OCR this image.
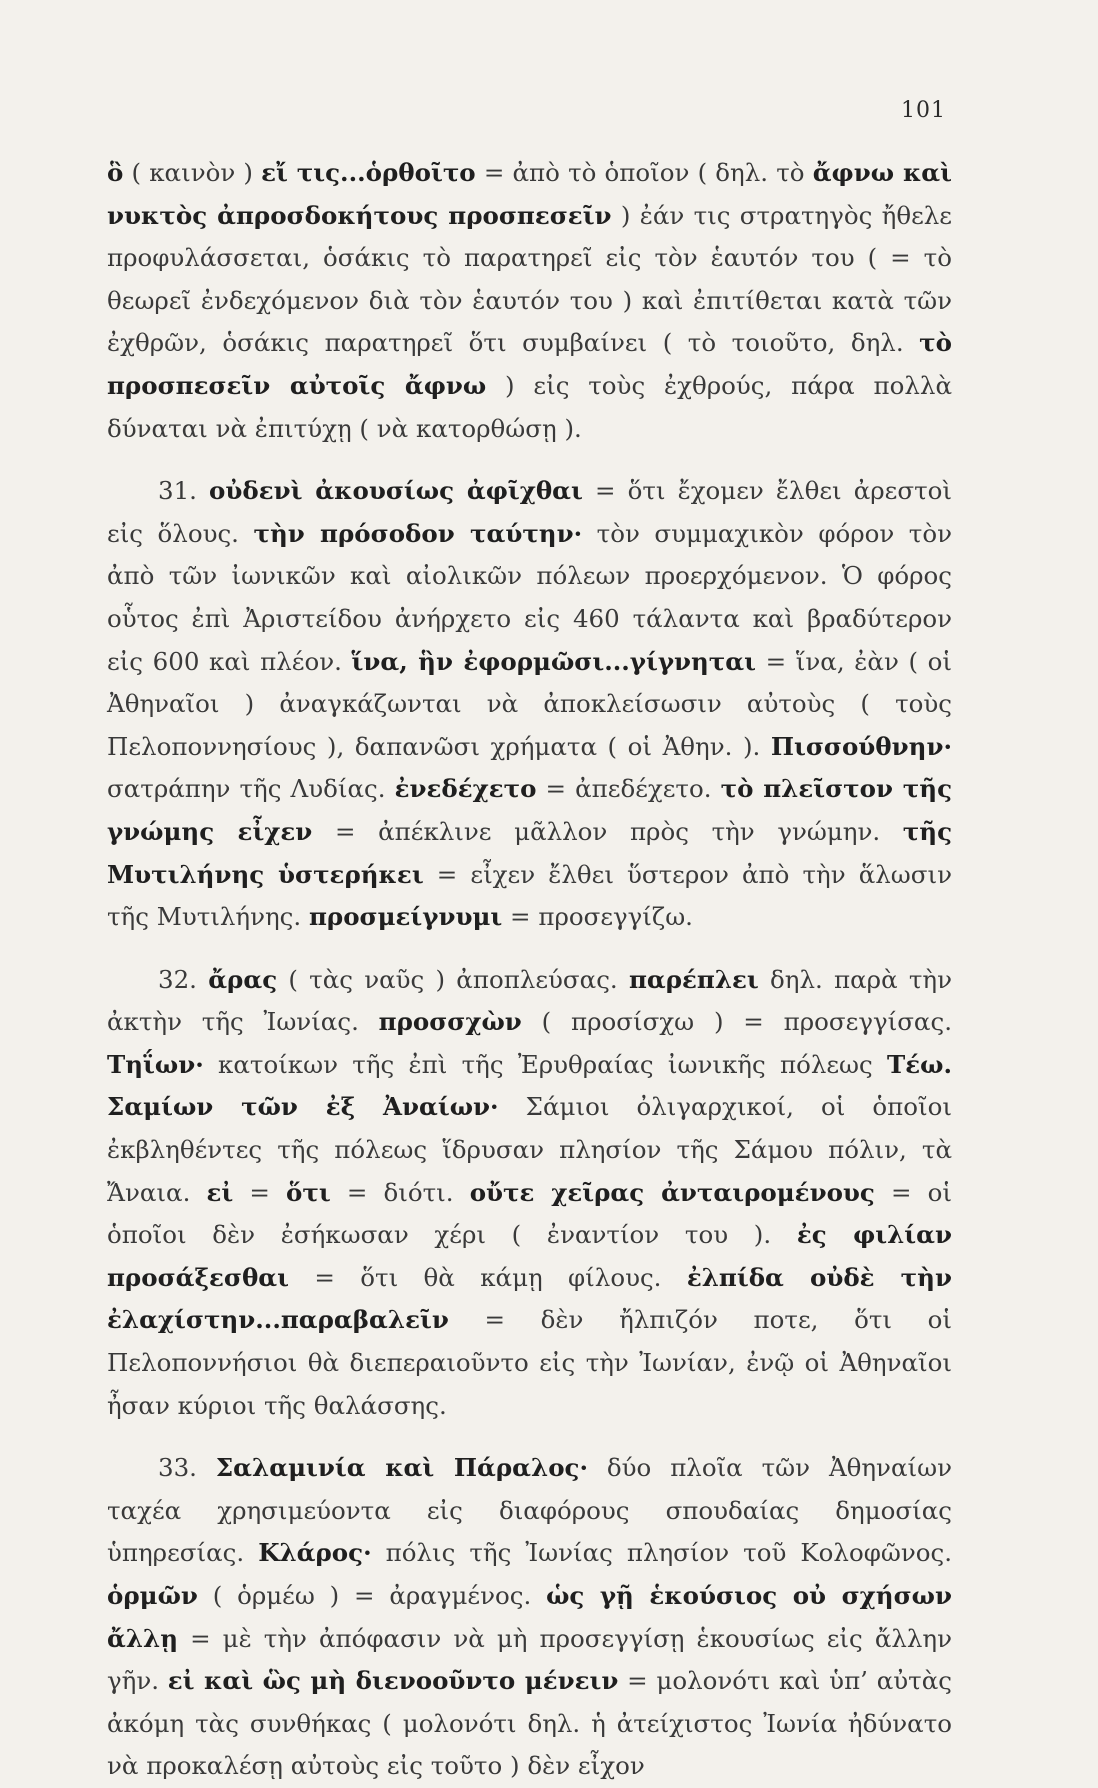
101

ὃ ( καινὸν ) εἴ τις...ὁρθοῖτο = ἀπὸ τὸ ὁποῖον ( δηλ. τὸ ἄφνω καὶ νυκτὸς ἀπροσδοκήτους προσπεσεῖν ) ἐάν τις στρατηγὸς ἤθελε προφυλάσσεται, ὁσάκις τὸ παρατηρεῖ εἰς τὸν ἑαυτόν του ( = τὸ θεωρεῖ ἐνδεχόμενον διὰ τὸν ἑαυτόν του ) καὶ ἐπιτίθεται κατὰ τῶν ἐχθρῶν, ὁσάκις παρατηρεῖ ὅτι συμβαίνει ( τὸ τοιοῦτο, δηλ. τὸ προσπεσεῖν αὐτοῖς ἄφνω ) εἰς τοὺς ἐχθρούς, πάρα πολλὰ δύναται νὰ ἐπιτύχῃ ( νὰ κατορθώσῃ ).

31. οὐδενὶ ἀκουσίως ἀφῖχθαι = ὅτι ἔχομεν ἔλθει ἀρεστοὶ εἰς ὅλους. τὴν πρόσοδον ταύτην· τὸν συμμαχικὸν φόρον τὸν ἀπὸ τῶν ἰωνικῶν καὶ αἰολικῶν πόλεων προερχόμενον. Ὁ φόρος οὗτος ἐπὶ Ἀριστείδου ἀνήρχετο εἰς 460 τάλαντα καὶ βραδύτερον εἰς 600 καὶ πλέον. ἵνα, ἣν ἐφορμῶσι...γίγνηται = ἵνα, ἐὰν ( οἱ Ἀθηναῖοι ) ἀναγκάζωνται νὰ ἀποκλείσωσιν αὐτοὺς ( τοὺς Πελοποννησίους ), δαπανῶσι χρήματα ( οἱ Ἀθην. ). Πισσούθνην· σατράπην τῆς Λυδίας. ἐνεδέχετο = ἀπεδέχετο. τὸ πλεῖστον τῆς γνώμης εἶχεν = ἀπέκλινε μᾶλλον πρὸς τὴν γνώμην. τῆς Μυτιλήνης ὑστερήκει = εἶχεν ἔλθει ὕστερον ἀπὸ τὴν ἅλωσιν τῆς Μυτιλήνης. προσμείγνυμι = προσεγγίζω.

32. ἄρας ( τὰς ναῦς ) ἀποπλεύσας. παρέπλει δηλ. παρὰ τὴν ἀκτὴν τῆς Ἰωνίας. προσσχὼν ( προσίσχω ) = προσεγγίσας. Τηΐων· κατοίκων τῆς ἐπὶ τῆς Ἐρυθραίας ἰωνικῆς πόλεως Τέω. Σαμίων τῶν ἐξ Ἀναίων· Σάμιοι ὀλιγαρχικοί, οἱ ὁποῖοι ἐκβληθέντες τῆς πόλεως ἵδρυσαν πλησίον τῆς Σάμου πόλιν, τὰ Ἄναια. εἰ = ὅτι = διότι. οὔτε χεῖρας ἀνταιρομένους = οἱ ὁποῖοι δὲν ἐσήκωσαν χέρι ( ἐναντίον του ). ἐς φιλίαν προσάξεσθαι = ὅτι θὰ κάμῃ φίλους. ἐλπίδα οὐδὲ τὴν ἐλαχίστην...παραβαλεῖν = δὲν ἤλπιζόν ποτε, ὅτι οἱ Πελοποννήσιοι θὰ διεπεραιοῦντο εἰς τὴν Ἰωνίαν, ἐνῷ οἱ Ἀθηναῖοι ἦσαν κύριοι τῆς θαλάσσης.

33. Σαλαμινία καὶ Πάραλος· δύο πλοῖα τῶν Ἀθηναίων ταχέα χρησιμεύοντα εἰς διαφόρους σπουδαίας δημοσίας ὑπηρεσίας. Κλάρος· πόλις τῆς Ἰωνίας πλησίον τοῦ Κολοφῶνος. ὁρμῶν ( ὁρμέω ) = ἀραγμένος. ὡς γῇ ἑκούσιος οὐ σχήσων ἄλλῃ = μὲ τὴν ἀπόφασιν νὰ μὴ προσεγγίσῃ ἑκουσίως εἰς ἄλλην γῆν. εἰ καὶ ὣς μὴ διενοοῦντο μένειν = μολονότι καὶ ὑπ’ αὐτὰς ἀκόμη τὰς συνθήκας ( μολονότι δηλ. ἡ ἀτείχιστος Ἰωνία ἠδύνατο νὰ προκαλέσῃ αὐτοὺς εἰς τοῦτο ) δὲν εἶχον
